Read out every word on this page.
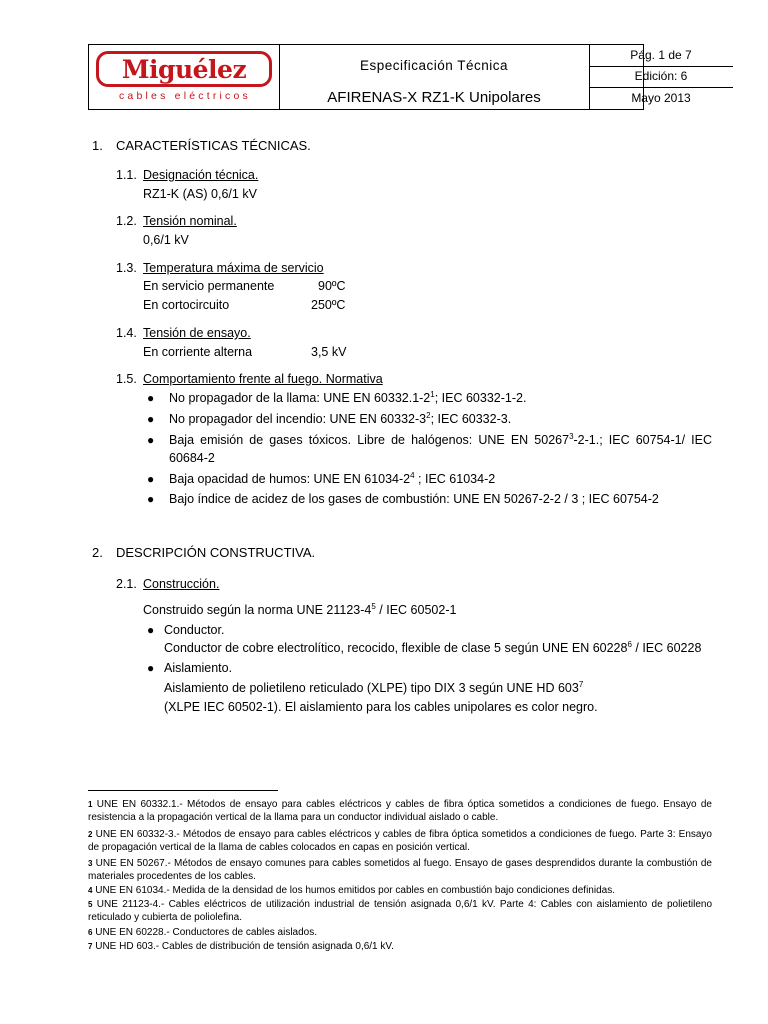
Miguélez
cables eléctricos
Especificación Técnica
AFIRENAS-X RZ1-K Unipolares
Pág. 1 de 7
Edición: 6
Mayo 2013
1. CARACTERÍSTICAS TÉCNICAS.
1.1. Designación técnica.
RZ1-K (AS) 0,6/1 kV
1.2. Tensión nominal.
0,6/1 kV
1.3. Temperatura máxima de servicio
En servicio permanente	90ºC
En cortocircuito	250ºC
1.4. Tensión de ensayo.
En corriente alterna	3,5 kV
1.5. Comportamiento frente al fuego. Normativa
● No propagador de la llama: UNE EN $60332.1-2^1$; IEC 60332-1-2.
● No propagador del incendio: UNE EN $60332-3^2$; IEC 60332-3.
● Baja emisión de gases tóxicos. Libre de halógenos: UNE EN 50267$^3$-2-1.; IEC 60754-1/ IEC
60684-2
● Baja opacidad de humos: UNE EN $61034-2^4$ ; IEC 61034-2
● Bajo índice de acidez de los gases de combustión: UNE EN 50267-2-2 / 3 ; IEC 60754-2
2. DESCRIPCIÓN CONSTRUCTIVA.
2.1. Construcción.
Construido según la norma UNE $21123-4^5$ / IEC 60502-1
● Conductor.
Conductor de cobre electrolítico, recocido, flexible de clase 5 según UNE EN 60228$^6$ / IEC 60228
● Aislamiento.
Aislamiento de polietileno reticulado (XLPE) tipo DIX 3 según UNE HD $603^7$
(XLPE IEC 60502-1). El aislamiento para los cables unipolares es color negro.
1 UNE EN 60332.1.- Métodos de ensayo para cables eléctricos y cables de fibra óptica sometidos a condiciones de fuego. Ensayo de resistencia a la propagación vertical de la llama para un conductor individual aislado o cable.
2 UNE EN 60332-3.- Métodos de ensayo para cables eléctricos y cables de fibra óptica sometidos a condiciones de fuego. Parte 3: Ensayo de propagación vertical de la llama de cables colocados en capas en posición vertical.
3 UNE EN 50267.- Métodos de ensayo comunes para cables sometidos al fuego. Ensayo de gases desprendidos durante la combustión de materiales procedentes de los cables.
4 UNE EN 61034.- Medida de la densidad de los humos emitidos por cables en combustión bajo condiciones definidas.
5 UNE 21123-4.- Cables eléctricos de utilización industrial de tensión asignada 0,6/1 kV. Parte 4: Cables con aislamiento de polietileno reticulado y cubierta de poliolefina.
6 UNE EN 60228.- Conductores de cables aislados.
7 UNE HD 603.- Cables de distribución de tensión asignada 0,6/1 kV.
